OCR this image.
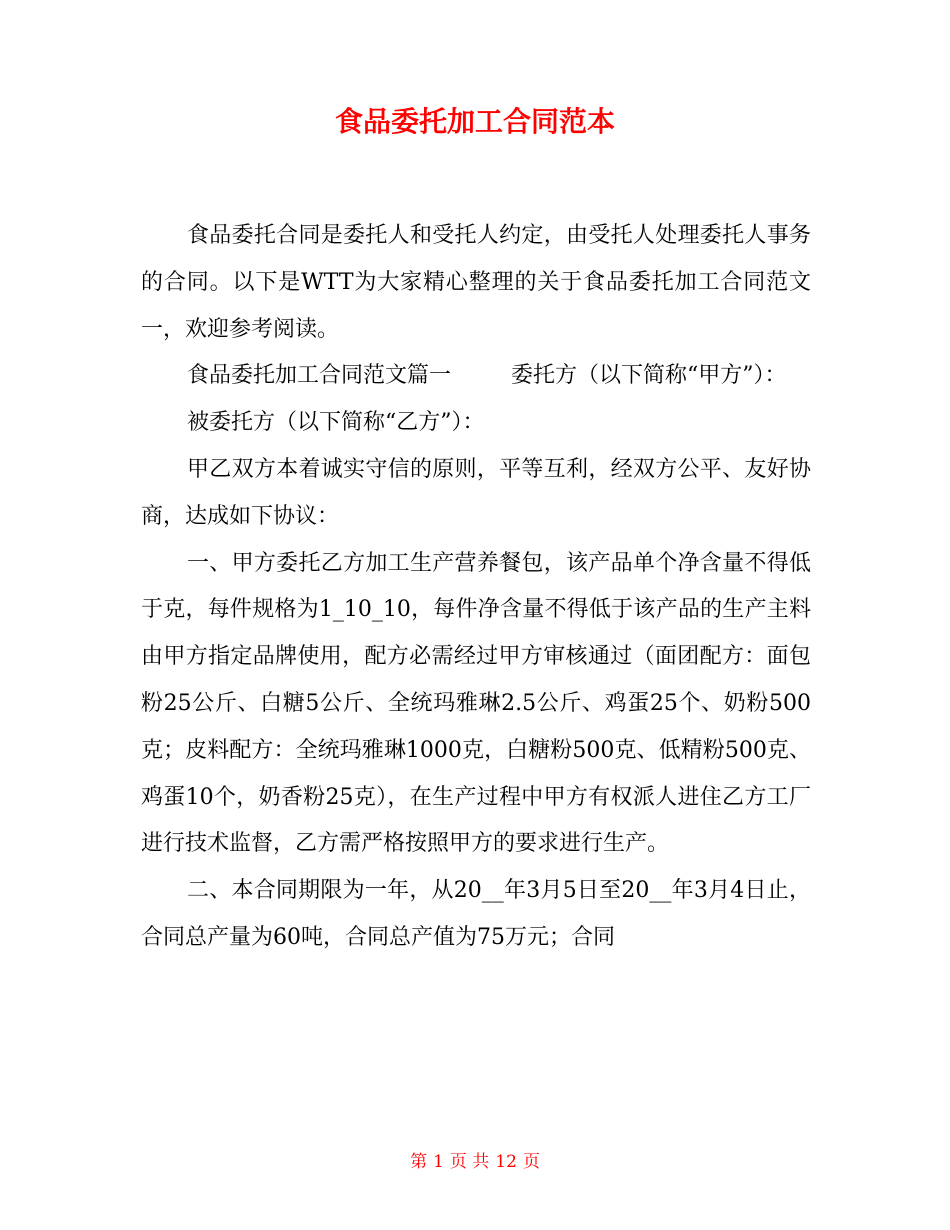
食品委托加工合同范本

食品委托合同是委托人和受托人约定，由受托人处理委托人事务的合同。以下是WTT为大家精心整理的关于食品委托加工合同范文一，欢迎参考阅读。

食品委托加工合同范文篇一	委托方（以下简称“甲方”）：

被委托方（以下简称“乙方”）：

甲乙双方本着诚实守信的原则，平等互利，经双方公平、友好协商，达成如下协议：

一、甲方委托乙方加工生产营养餐包，该产品单个净含量不得低于克，每件规格为1_10_10，每件净含量不得低于该产品的生产主料由甲方指定品牌使用，配方必需经过甲方审核通过（面团配方：面包粉25公斤、白糖5公斤、全统玛雅琳2.5公斤、鸡蛋25个、奶粉500克；皮料配方：全统玛雅琳1000克，白糖粉500克、低精粉500克、鸡蛋10个，奶香粉25克），在生产过程中甲方有权派人进住乙方工厂进行技术监督，乙方需严格按照甲方的要求进行生产。

二、本合同期限为一年，从20__年3月5日至20__年3月4日止，合同总产量为60吨，合同总产值为75万元；合同

第 1 页 共 12 页
